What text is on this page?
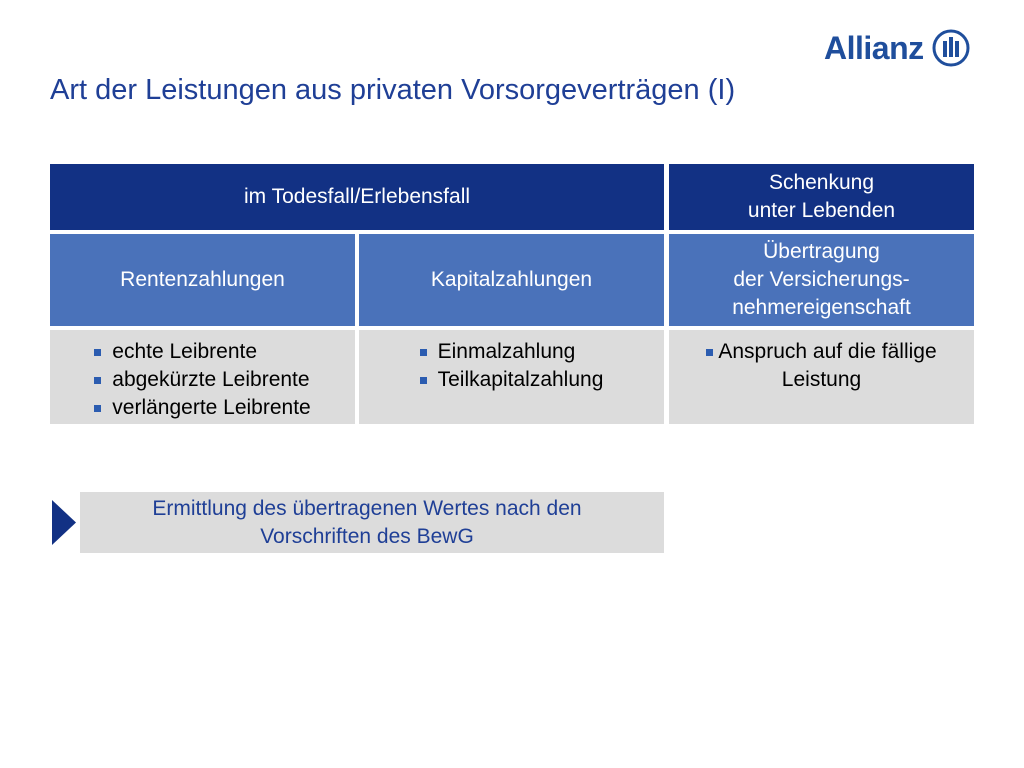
Allianz
Art der Leistungen aus privaten Vorsorgeverträgen (I)
im Todesfall/Erlebensfall
Schenkung
unter Lebenden
Rentenzahlungen	Kapitalzahlungen
Übertragung
der Versicherungs-
nehmereigenschaft
echte Leibrente
abgekürzte Leibrente
verlängerte Leibrente
Einmalzahlung
Teilkapitalzahlung
Anspruch auf die fällige
Leistung
Ermittlung des übertragenen Wertes nach den
Vorschriften des BewG
